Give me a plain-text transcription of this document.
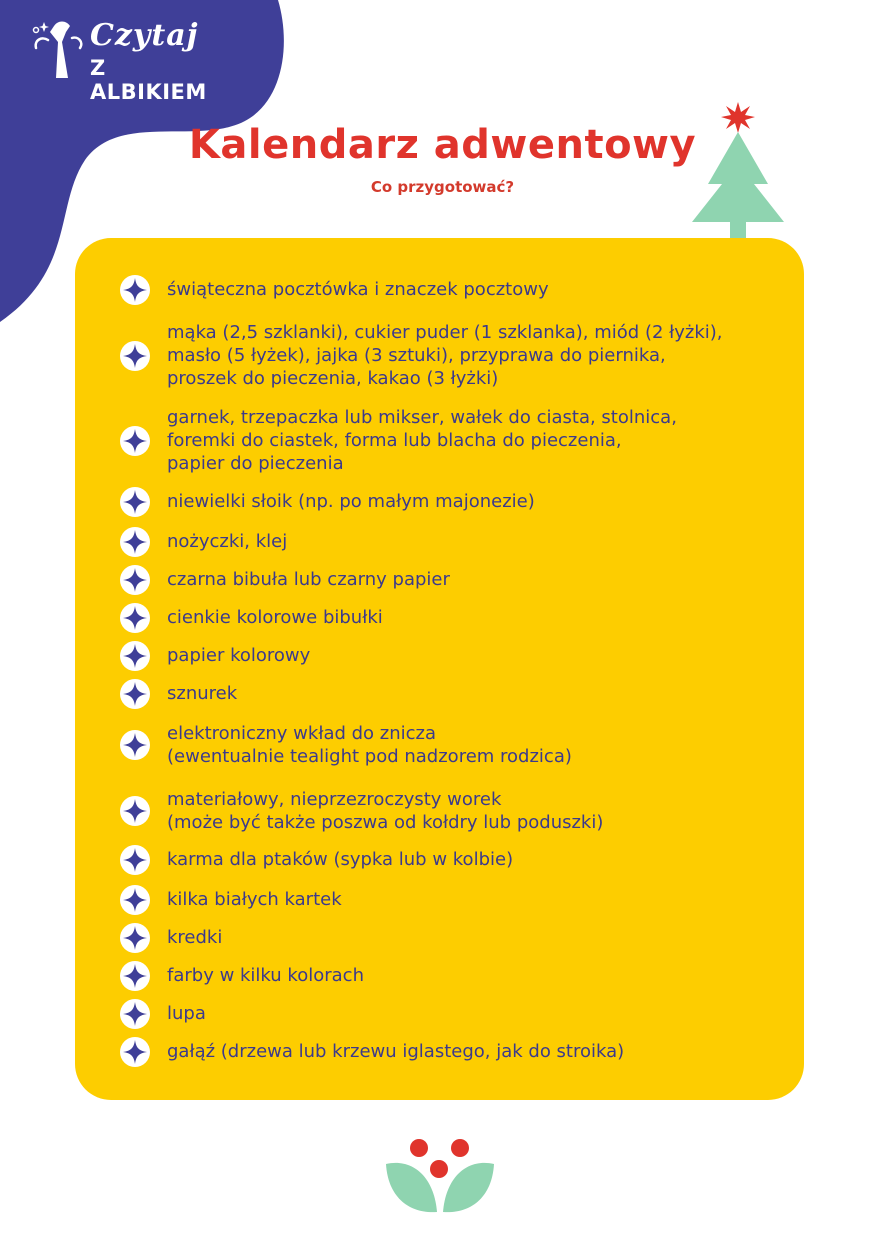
Czytaj
Z ALBIKIEM
Kalendarz adwentowy

Co przygotować?

świąteczna pocztówka i znaczek pocztowy
mąka (2,5 szklanki), cukier puder (1 szklanka), miód (2 łyżki),
masło (5 łyżek), jajka (3 sztuki), przyprawa do piernika,
proszek do pieczenia, kakao (3 łyżki)
garnek, trzepaczka lub mikser, wałek do ciasta, stolnica,
foremki do ciastek, forma lub blacha do pieczenia,
papier do pieczenia
niewielki słoik (np. po małym majonezie)
nożyczki, klej
czarna bibuła lub czarny papier
cienkie kolorowe bibułki
papier kolorowy
sznurek
elektroniczny wkład do znicza
(ewentualnie tealight pod nadzorem rodzica)
materiałowy, nieprzezroczysty worek
(może być także poszwa od kołdry lub poduszki)
karma dla ptaków (sypka lub w kolbie)
kilka białych kartek
kredki
farby w kilku kolorach
lupa
gałąź (drzewa lub krzewu iglastego, jak do stroika)
